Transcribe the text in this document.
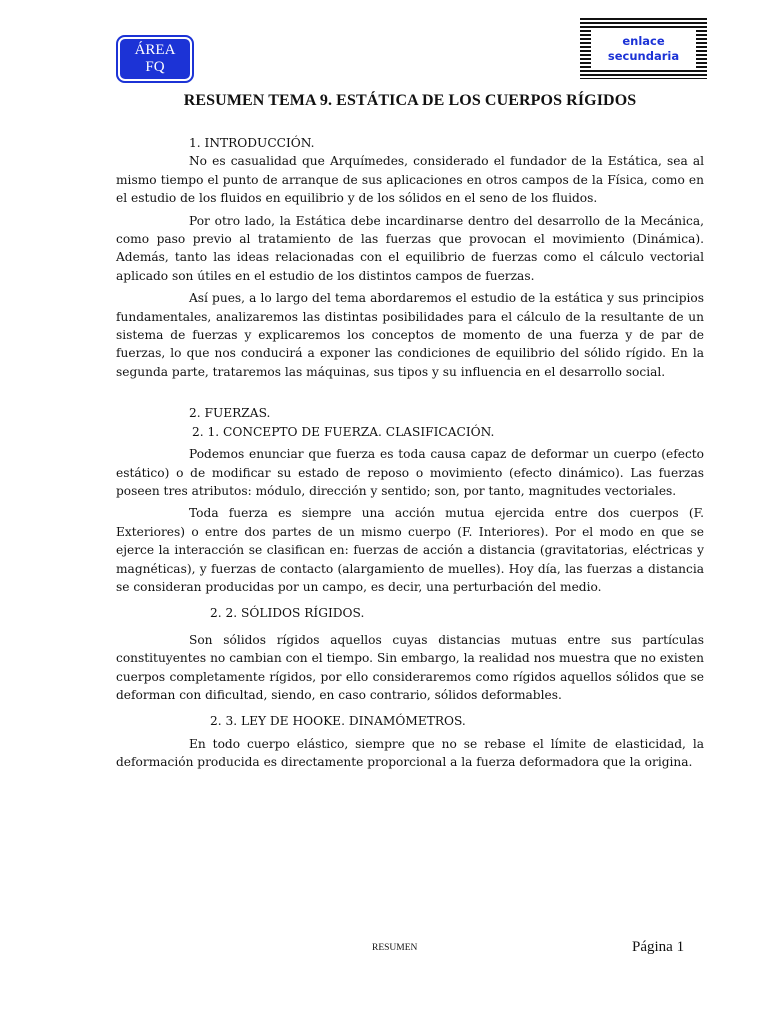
ÁREA
FQ
enlace
secundaria
RESUMEN TEMA 9. ESTÁTICA DE LOS CUERPOS RÍGIDOS

1. INTRODUCCIÓN.

No es casualidad que Arquímedes, considerado el fundador de la Estática, sea al mismo tiempo el punto de arranque de sus aplicaciones en otros campos de la Física, como en el estudio de los fluidos en equilibrio y de los sólidos en el seno de los fluidos.

Por otro lado, la Estática debe incardinarse dentro del desarrollo de la Mecánica, como paso previo al tratamiento de las fuerzas que provocan el movimiento (Dinámica). Además, tanto las ideas relacionadas con el equilibrio de fuerzas como el cálculo vectorial aplicado son útiles en el estudio de los distintos campos de fuerzas.

Así pues, a lo largo del tema abordaremos el estudio de la estática y sus principios fundamentales, analizaremos las distintas posibilidades para el cálculo de la resultante de un sistema de fuerzas y explicaremos los conceptos de momento de una fuerza y de par de fuerzas, lo que nos conducirá a exponer las condiciones de equilibrio del sólido rígido. En la segunda parte, trataremos las máquinas, sus tipos y su influencia en el desarrollo social.

2. FUERZAS.

2. 1. CONCEPTO DE FUERZA. CLASIFICACIÓN.

Podemos enunciar que fuerza es toda causa capaz de deformar un cuerpo (efecto estático) o de modificar su estado de reposo o movimiento (efecto dinámico). Las fuerzas poseen tres atributos: módulo, dirección y sentido; son, por tanto, magnitudes vectoriales.

Toda fuerza es siempre una acción mutua ejercida entre dos cuerpos (F. Exteriores) o entre dos partes de un mismo cuerpo (F. Interiores). Por el modo en que se ejerce la interacción se clasifican en: fuerzas de acción a distancia (gravitatorias, eléctricas y magnéticas), y fuerzas de contacto (alargamiento de muelles). Hoy día, las fuerzas a distancia se consideran producidas por un campo, es decir, una perturbación del medio.

2. 2. SÓLIDOS RÍGIDOS.

Son sólidos rígidos aquellos cuyas distancias mutuas entre sus partículas constituyentes no cambian con el tiempo. Sin embargo, la realidad nos muestra que no existen cuerpos completamente rígidos, por ello consideraremos como rígidos aquellos sólidos que se deforman con dificultad, siendo, en caso contrario, sólidos deformables.

2. 3. LEY DE HOOKE. DINAMÓMETROS.

En todo cuerpo elástico, siempre que no se rebase el límite de elasticidad, la deformación producida es directamente proporcional a la fuerza deformadora que la origina.

RESUMEN	Página 1
